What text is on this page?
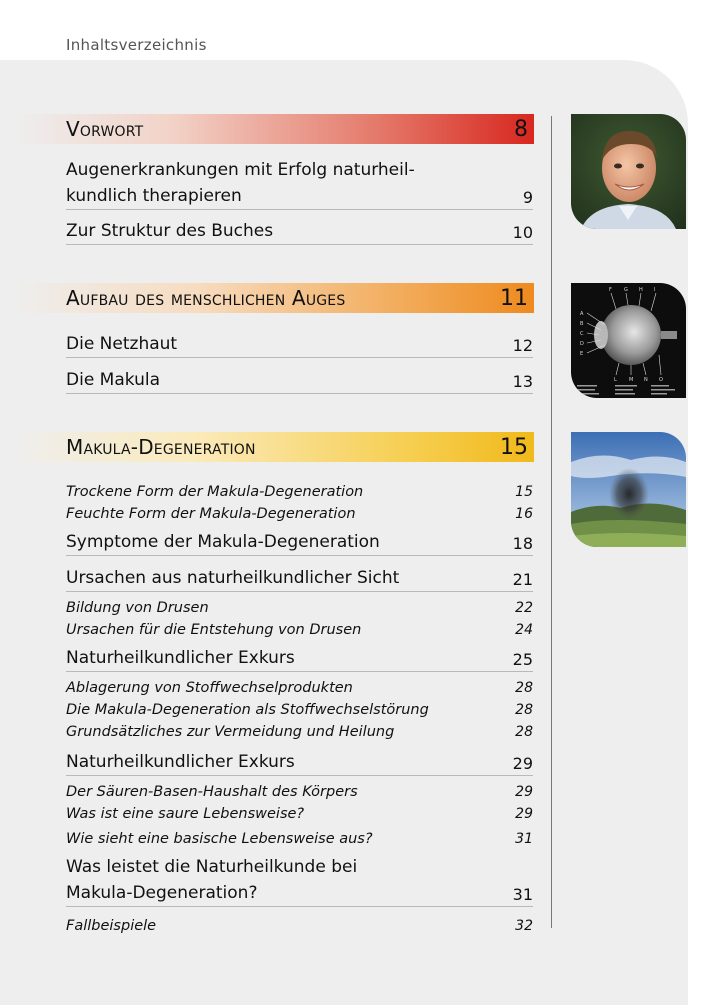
Inhaltsverzeichnis
Vorwort	8
Augenerkrankungen mit Erfolg naturheil-
kundlich therapieren	9
Zur Struktur des Buches	10
Aufbau des menschlichen Auges	11
Die Netzhaut	12
Die Makula	13
Makula-Degeneration	15
Trockene Form der Makula-Degeneration	15
Feuchte Form der Makula-Degeneration	16
Symptome der Makula-Degeneration	18
Ursachen aus naturheilkundlicher Sicht	21
Bildung von Drusen	22
Ursachen für die Entstehung von Drusen	24
Naturheilkundlicher Exkurs	25
Ablagerung von Stoffwechselprodukten	28
Die Makula-Degeneration als Stoffwechselstörung	28
Grundsätzliches zur Vermeidung und Heilung	28
Naturheilkundlicher Exkurs	29
Der Säuren-Basen-Haushalt des Körpers	29
Was ist eine saure Lebensweise?	29
Wie sieht eine basische Lebensweise aus?	31
Was leistet die Naturheilkunde bei
Makula-Degeneration?	31
Fallbeispiele	32
F G H I
A
B
C
D
E
L M N O
